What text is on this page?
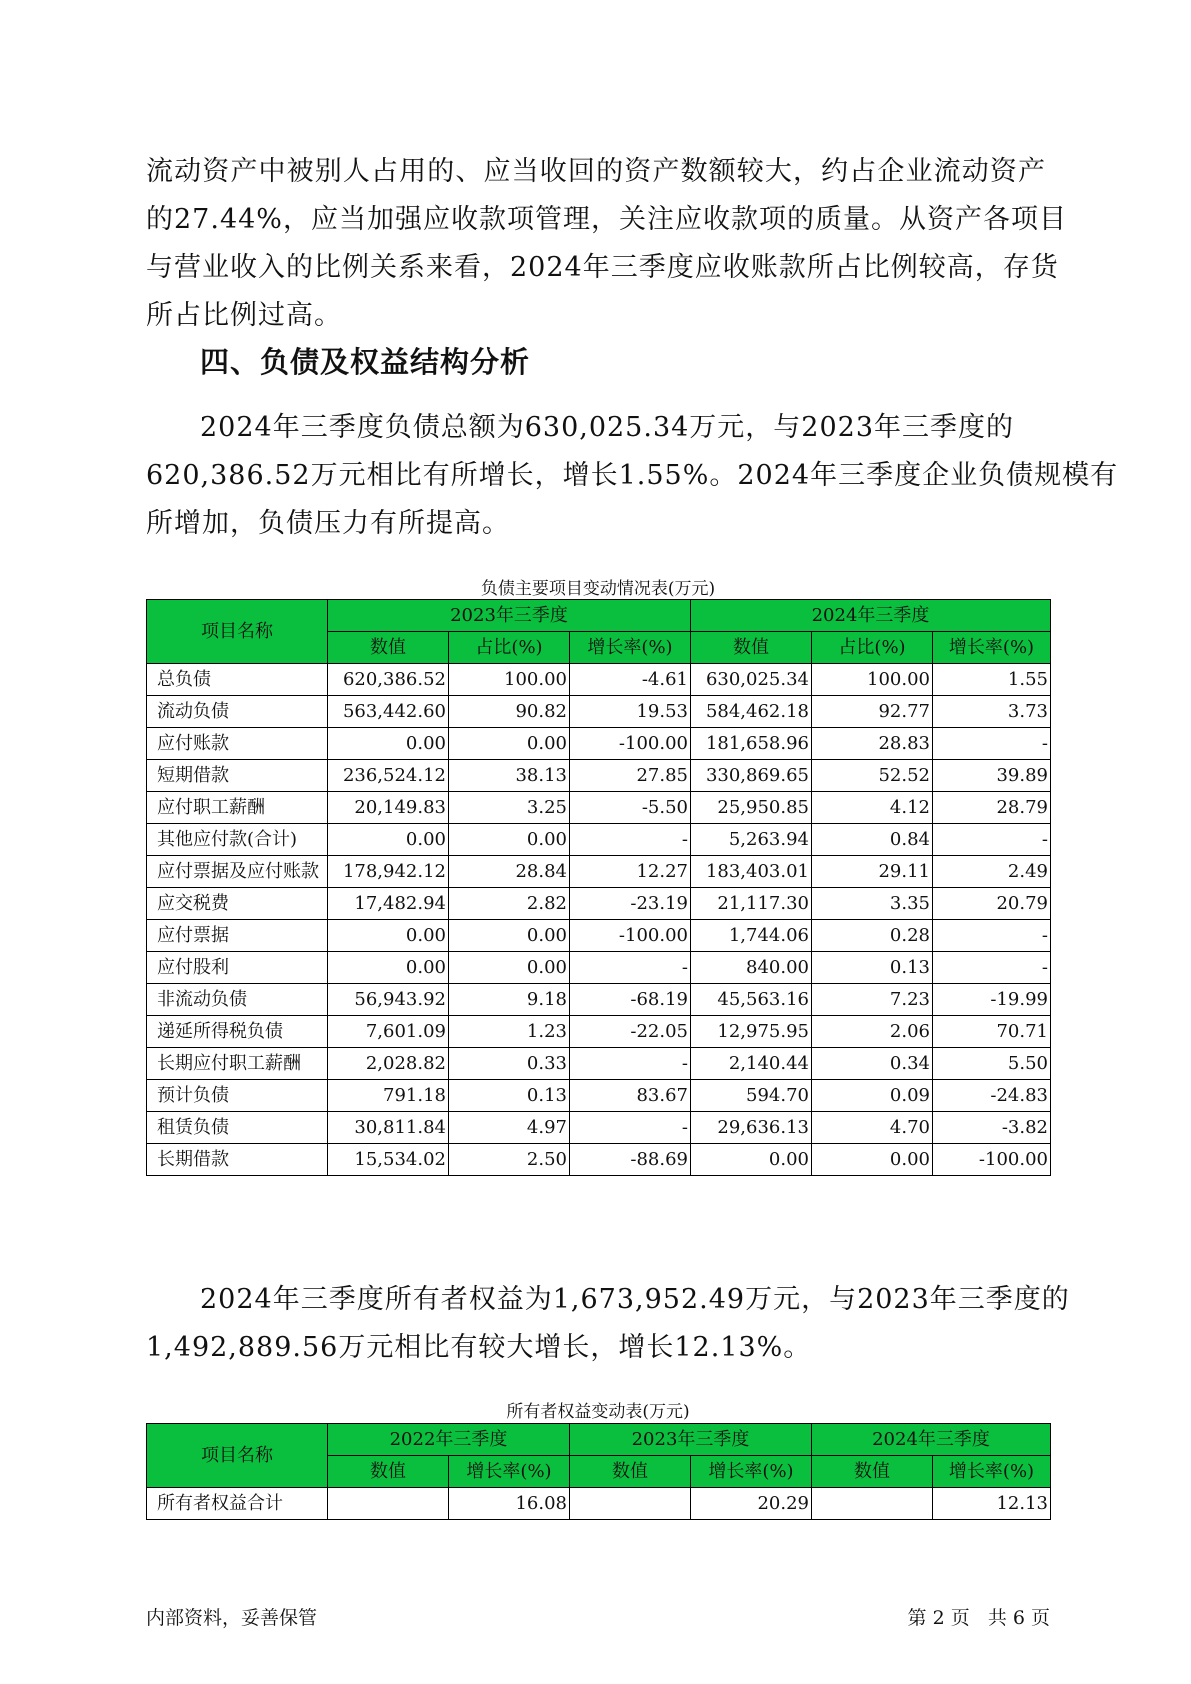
流动资产中被别人占用的、应当收回的资产数额较大，约占企业流动资产
的27.44%，应当加强应收款项管理，关注应收款项的质量。从资产各项目
与营业收入的比例关系来看，2024年三季度应收账款所占比例较高，存货
所占比例过高。
四、负债及权益结构分析
2024年三季度负债总额为630,025.34万元，与2023年三季度的
620,386.52万元相比有所增长，增长1.55%。2024年三季度企业负债规模有
所增加，负债压力有所提高。

负债主要项目变动情况表(万元)

项目名称	2023年三季度			2024年三季度		
	数值	占比(%)	增长率(%)	数值	占比(%)	增长率(%)
总负债	620,386.52	100.00	-4.61	630,025.34	100.00	1.55
流动负债	563,442.60	90.82	19.53	584,462.18	92.77	3.73
应付账款	0.00	0.00	-100.00	181,658.96	28.83	-
短期借款	236,524.12	38.13	27.85	330,869.65	52.52	39.89
应付职工薪酬	20,149.83	3.25	-5.50	25,950.85	4.12	28.79
其他应付款(合计)	0.00	0.00	-	5,263.94	0.84	-
应付票据及应付账款	178,942.12	28.84	12.27	183,403.01	29.11	2.49
应交税费	17,482.94	2.82	-23.19	21,117.30	3.35	20.79
应付票据	0.00	0.00	-100.00	1,744.06	0.28	-
应付股利	0.00	0.00	-	840.00	0.13	-
非流动负债	56,943.92	9.18	-68.19	45,563.16	7.23	-19.99
递延所得税负债	7,601.09	1.23	-22.05	12,975.95	2.06	70.71
长期应付职工薪酬	2,028.82	0.33	-	2,140.44	0.34	5.50
预计负债	791.18	0.13	83.67	594.70	0.09	-24.83
租赁负债	30,811.84	4.97	-	29,636.13	4.70	-3.82
长期借款	15,534.02	2.50	-88.69	0.00	0.00	-100.00
2024年三季度所有者权益为1,673,952.49万元，与2023年三季度的
1,492,889.56万元相比有较大增长，增长12.13%。

所有者权益变动表(万元)

项目名称	2022年三季度		2023年三季度		2024年三季度	
	数值	增长率(%)	数值	增长率(%)	数值	增长率(%)
所有者权益合计		16.08		20.29		12.13

内部资料，妥善保管	第 2 页   共 6 页
